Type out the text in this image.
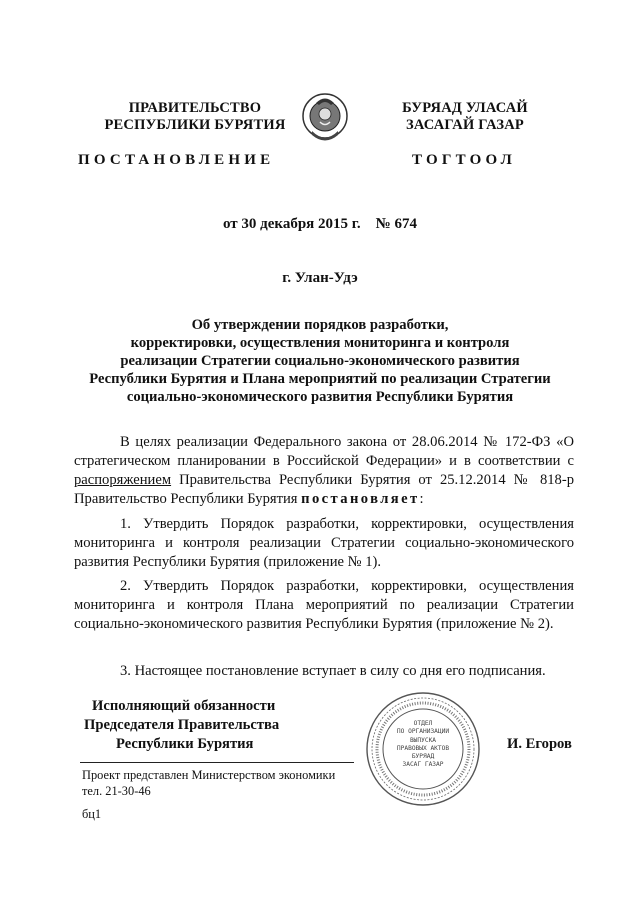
ПРАВИТЕЛЬСТВО
РЕСПУБЛИКИ БУРЯТИЯ
БУРЯАД УЛАСАЙ
ЗАСАГАЙ ГАЗАР
ПОСТАНОВЛЕНИЕ	ТОГТООЛ
от 30 декабря 2015 г.    № 674
г. Улан-Удэ
Об утверждении порядков разработки,
корректировки, осуществления мониторинга и контроля
реализации Стратегии социально-экономического развития
Республики Бурятия и Плана мероприятий по реализации Стратегии
социально-экономического развития Республики Бурятия
В целях реализации Федерального закона от 28.06.2014 № 172-ФЗ «О стратегическом планировании в Российской Федерации» и в соответствии с распоряжением Правительства Республики Бурятия от 25.12.2014 № 818-р Правительство Республики Бурятия постановляет:
1. Утвердить Порядок разработки, корректировки, осуществления мониторинга и контроля реализации Стратегии социально-экономического развития Республики Бурятия (приложение № 1).
2. Утвердить Порядок разработки, корректировки, осуществления мониторинга и контроля Плана мероприятий по реализации Стратегии социально-экономического развития Республики Бурятия (приложение № 2).
3. Настоящее постановление вступает в силу со дня его подписания.
Исполняющий обязанности
Председателя Правительства
Республики Бурятия
ОТДЕЛ
ПО ОРГАНИЗАЦИИ
ВЫПУСКА
ПРАВОВЫХ АКТОВ
БУРЯАД
ЗАСАГ ГАЗАР
И. Егоров
Проект представлен Министерством экономики
тел. 21-30-46
бц1
